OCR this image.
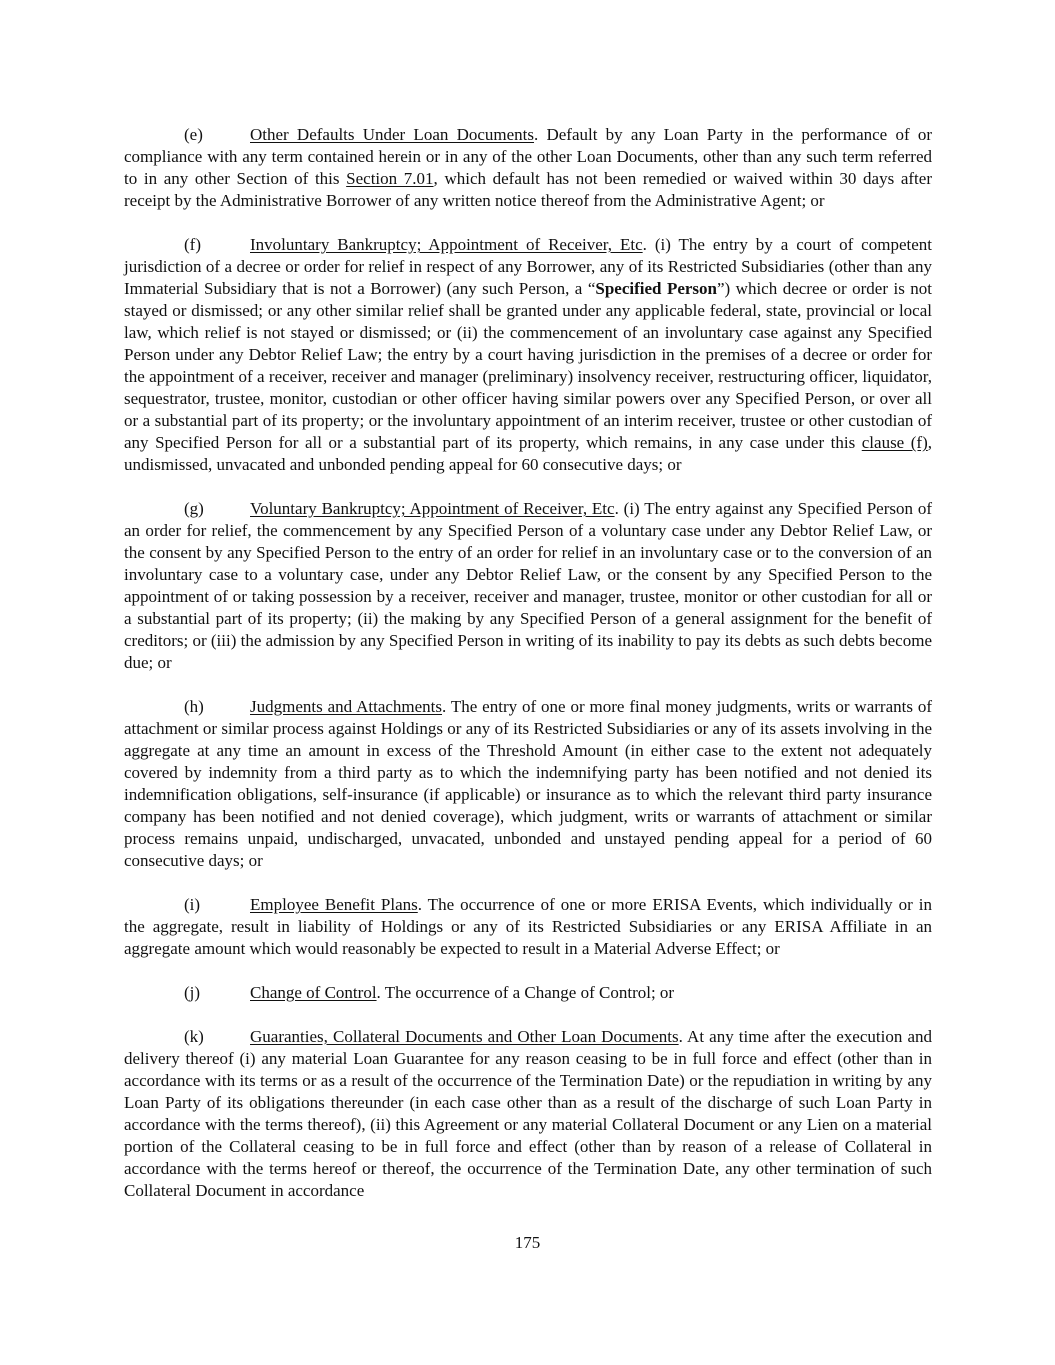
(e)	Other Defaults Under Loan Documents. Default by any Loan Party in the performance of or compliance with any term contained herein or in any of the other Loan Documents, other than any such term referred to in any other Section of this Section 7.01, which default has not been remedied or waived within 30 days after receipt by the Administrative Borrower of any written notice thereof from the Administrative Agent; or

(f)	Involuntary Bankruptcy; Appointment of Receiver, Etc. (i) The entry by a court of competent jurisdiction of a decree or order for relief in respect of any Borrower, any of its Restricted Subsidiaries (other than any Immaterial Subsidiary that is not a Borrower) (any such Person, a “Specified Person”) which decree or order is not stayed or dismissed; or any other similar relief shall be granted under any applicable federal, state, provincial or local law, which relief is not stayed or dismissed; or (ii) the commencement of an involuntary case against any Specified Person under any Debtor Relief Law; the entry by a court having jurisdiction in the premises of a decree or order for the appointment of a receiver, receiver and manager (preliminary) insolvency receiver, restructuring officer, liquidator, sequestrator, trustee, monitor, custodian or other officer having similar powers over any Specified Person, or over all or a substantial part of its property; or the involuntary appointment of an interim receiver, trustee or other custodian of any Specified Person for all or a substantial part of its property, which remains, in any case under this clause (f), undismissed, unvacated and unbonded pending appeal for 60 consecutive days; or

(g)	Voluntary Bankruptcy; Appointment of Receiver, Etc. (i) The entry against any Specified Person of an order for relief, the commencement by any Specified Person of a voluntary case under any Debtor Relief Law, or the consent by any Specified Person to the entry of an order for relief in an involuntary case or to the conversion of an involuntary case to a voluntary case, under any Debtor Relief Law, or the consent by any Specified Person to the appointment of or taking possession by a receiver, receiver and manager, trustee, monitor or other custodian for all or a substantial part of its property; (ii) the making by any Specified Person of a general assignment for the benefit of creditors; or (iii) the admission by any Specified Person in writing of its inability to pay its debts as such debts become due; or

(h)	Judgments and Attachments. The entry of one or more final money judgments, writs or warrants of attachment or similar process against Holdings or any of its Restricted Subsidiaries or any of its assets involving in the aggregate at any time an amount in excess of the Threshold Amount (in either case to the extent not adequately covered by indemnity from a third party as to which the indemnifying party has been notified and not denied its indemnification obligations, self-insurance (if applicable) or insurance as to which the relevant third party insurance company has been notified and not denied coverage), which judgment, writs or warrants of attachment or similar process remains unpaid, undischarged, unvacated, unbonded and unstayed pending appeal for a period of 60 consecutive days; or

(i)	Employee Benefit Plans. The occurrence of one or more ERISA Events, which individually or in the aggregate, result in liability of Holdings or any of its Restricted Subsidiaries or any ERISA Affiliate in an aggregate amount which would reasonably be expected to result in a Material Adverse Effect; or

(j)	Change of Control. The occurrence of a Change of Control; or

(k)	Guaranties, Collateral Documents and Other Loan Documents. At any time after the execution and delivery thereof (i) any material Loan Guarantee for any reason ceasing to be in full force and effect (other than in accordance with its terms or as a result of the occurrence of the Termination Date) or the repudiation in writing by any Loan Party of its obligations thereunder (in each case other than as a result of the discharge of such Loan Party in accordance with the terms thereof), (ii) this Agreement or any material Collateral Document or any Lien on a material portion of the Collateral ceasing to be in full force and effect (other than by reason of a release of Collateral in accordance with the terms hereof or thereof, the occurrence of the Termination Date, any other termination of such Collateral Document in accordance

175
